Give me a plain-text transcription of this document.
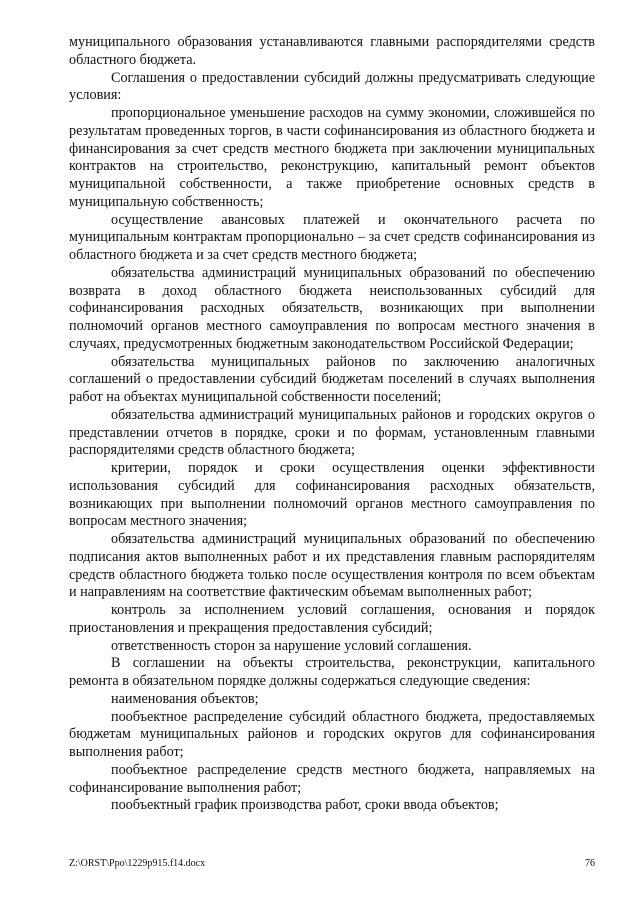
муниципального образования устанавливаются главными распорядителями средств областного бюджета.

Соглашения о предоставлении субсидий должны предусматривать следующие условия:

пропорциональное уменьшение расходов на сумму экономии, сложившейся по результатам проведенных торгов, в части софинансирования из областного бюджета и финансирования за счет средств местного бюджета при заключении муниципальных контрактов на строительство, реконструкцию, капитальный ремонт объектов муниципальной собственности, а также приобретение основных средств в муниципальную собственность;

осуществление авансовых платежей и окончательного расчета по муниципальным контрактам пропорционально – за счет средств софинансирования из областного бюджета и за счет средств местного бюджета;

обязательства администраций муниципальных образований по обеспечению возврата в доход областного бюджета неиспользованных субсидий для софинансирования расходных обязательств, возникающих при выполнении полномочий органов местного самоуправления по вопросам местного значения в случаях, предусмотренных бюджетным законодательством Российской Федерации;

обязательства муниципальных районов по заключению аналогичных соглашений о предоставлении субсидий бюджетам поселений в случаях выполнения работ на объектах муниципальной собственности поселений;

обязательства администраций муниципальных районов и городских округов о представлении отчетов в порядке, сроки и по формам, установленным главными распорядителями средств областного бюджета;

критерии, порядок и сроки осуществления оценки эффективности использования субсидий для софинансирования расходных обязательств, возникающих при выполнении полномочий органов местного самоуправления по вопросам местного значения;

обязательства администраций муниципальных образований по обеспечению подписания актов выполненных работ и их представления главным распорядителям средств областного бюджета только после осуществления контроля по всем объектам и направлениям на соответствие фактическим объемам выполненных работ;

контроль за исполнением условий соглашения, основания и порядок приостановления и прекращения предоставления субсидий;

ответственность сторон за нарушение условий соглашения.

В соглашении на объекты строительства, реконструкции, капитального ремонта в обязательном порядке должны содержаться следующие сведения:

наименования объектов;

пообъектное распределение субсидий областного бюджета, предоставляемых бюджетам муниципальных районов и городских округов для софинансирования выполнения работ;

пообъектное распределение средств местного бюджета, направляемых на софинансирование выполнения работ;

пообъектный график производства работ, сроки ввода объектов;

Z:\ORST\Ppo\1229p915.f14.docx	76
